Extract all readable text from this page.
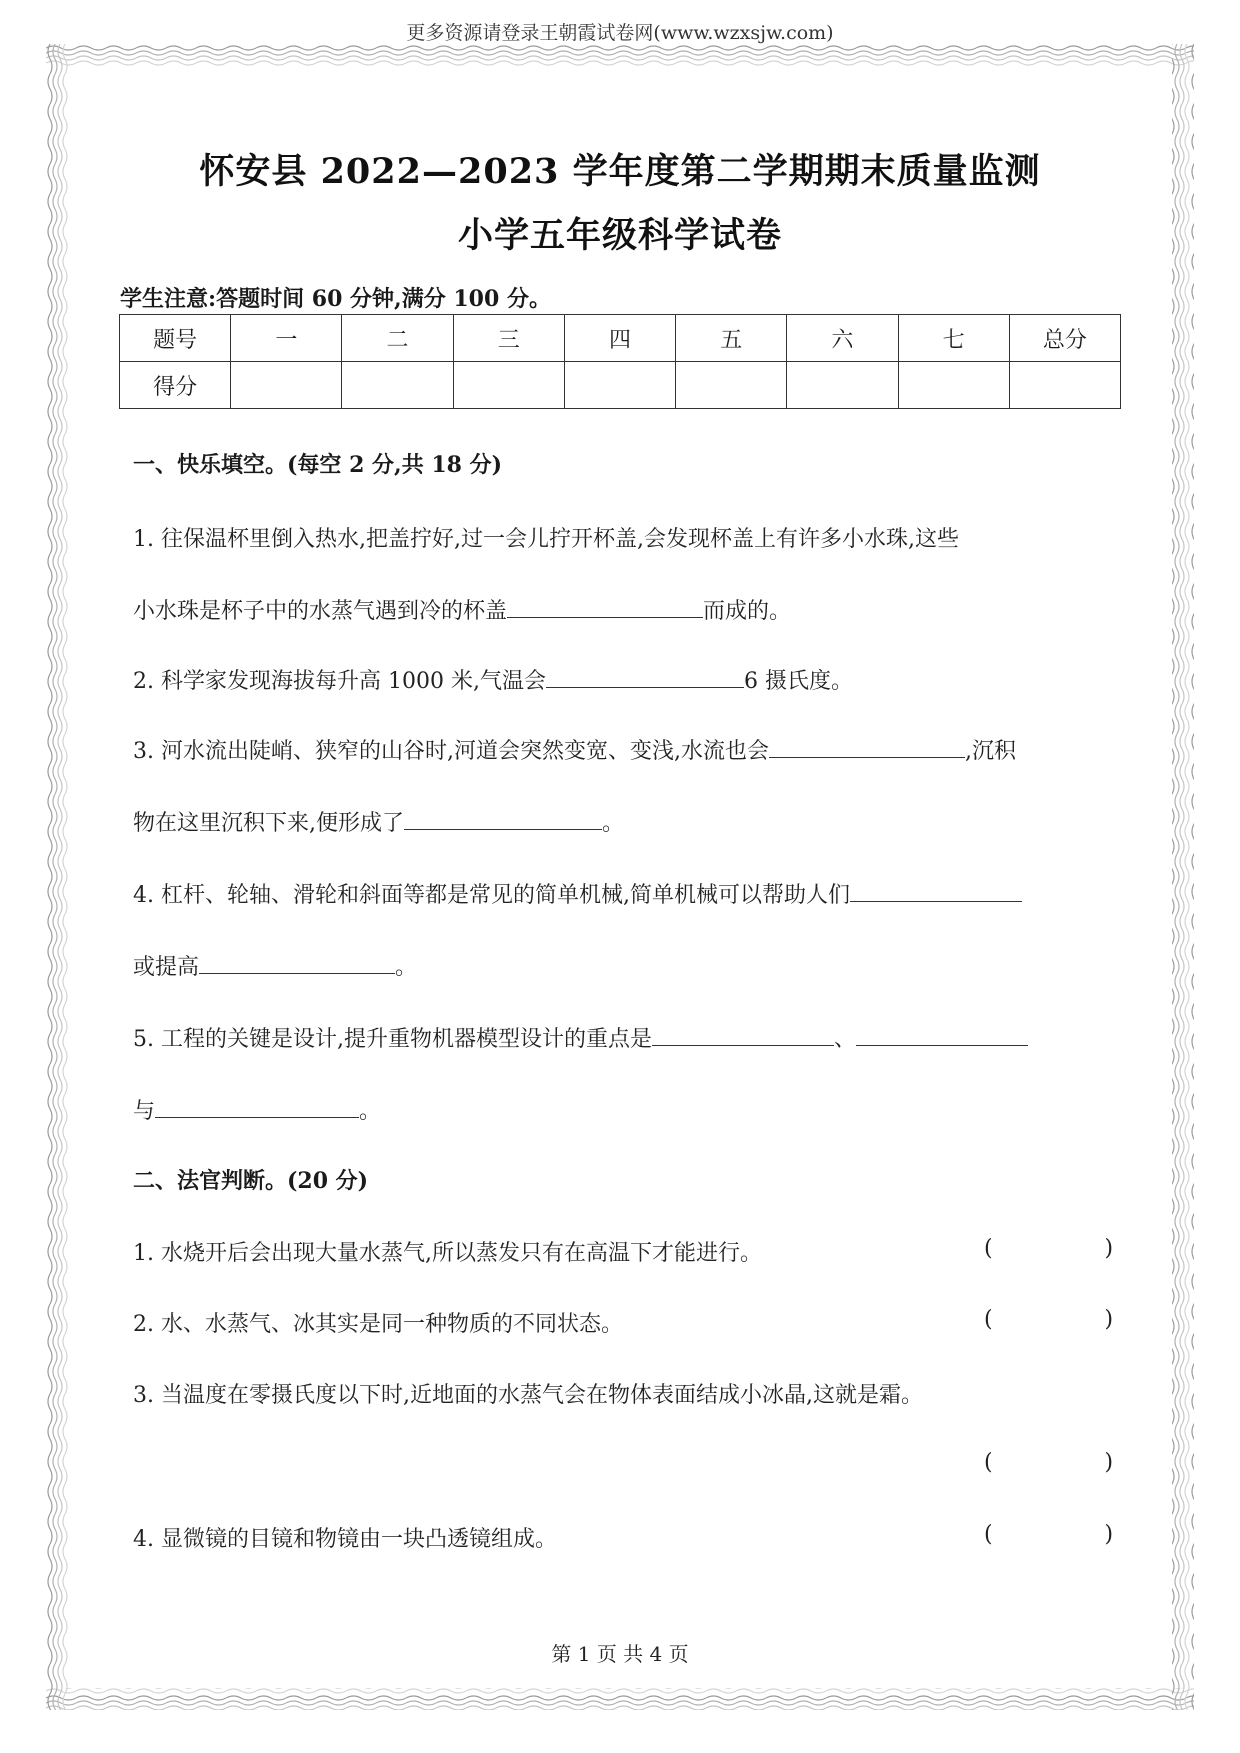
更多资源请登录王朝霞试卷网(www.wzxsjw.com)
怀安县 2022—2023 学年度第二学期期末质量监测
小学五年级科学试卷
学生注意:答题时间 60 分钟,满分 100 分。
题号	一	二	三	四	五	六	七	总分
得分								
一、快乐填空。(每空 2 分,共 18 分)
1. 往保温杯里倒入热水,把盖拧好,过一会儿拧开杯盖,会发现杯盖上有许多小水珠,这些
小水珠是杯子中的水蒸气遇到冷的杯盖	而成的。
2. 科学家发现海拔每升高 1000 米,气温会	6 摄氏度。
3. 河水流出陡峭、狭窄的山谷时,河道会突然变宽、变浅,水流也会	,沉积
物在这里沉积下来,便形成了	。
4. 杠杆、轮轴、滑轮和斜面等都是常见的简单机械,简单机械可以帮助人们
或提高	。
5. 工程的关键是设计,提升重物机器模型设计的重点是	、
与	。
二、法官判断。(20 分)
1. 水烧开后会出现大量水蒸气,所以蒸发只有在高温下才能进行。	(                )
2. 水、水蒸气、冰其实是同一种物质的不同状态。	(                )
3. 当温度在零摄氏度以下时,近地面的水蒸气会在物体表面结成小冰晶,这就是霜。
(                )
4. 显微镜的目镜和物镜由一块凸透镜组成。	(                )
第 1 页 共 4 页
